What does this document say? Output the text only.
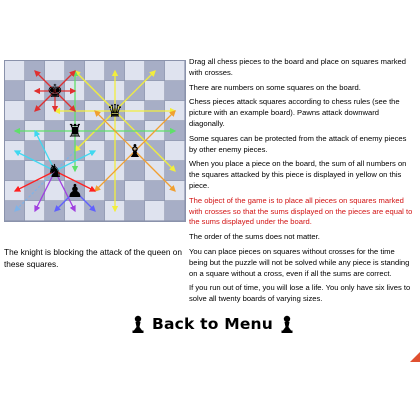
♚
♛
♜
♝
♞
♟
The knight is blocking the attack of the queen on these squares.

Drag all chess pieces to the board and place on squares marked with crosses.

There are numbers on some squares on the board.

Chess pieces attack squares according to chess rules (see the picture with an example board). Pawns attack downward diagonally.

Some squares can be protected from the attack of enemy pieces by other enemy pieces.

When you place a piece on the board, the sum of all numbers on the squares attacked by this piece is displayed in yellow on this piece.

The object of the game is to place all pieces on squares marked with crosses so that the sums displayed on the pieces are equal to the sums displayed under the board.

The order of the sums does not matter.

You can place pieces on squares without crosses for the time being but the puzzle will not be solved while any piece is standing on a square without a cross, even if all the sums are correct.

If you run out of time, you will lose a life. You only have six lives to solve all twenty boards of varying sizes.

Back to Menu
